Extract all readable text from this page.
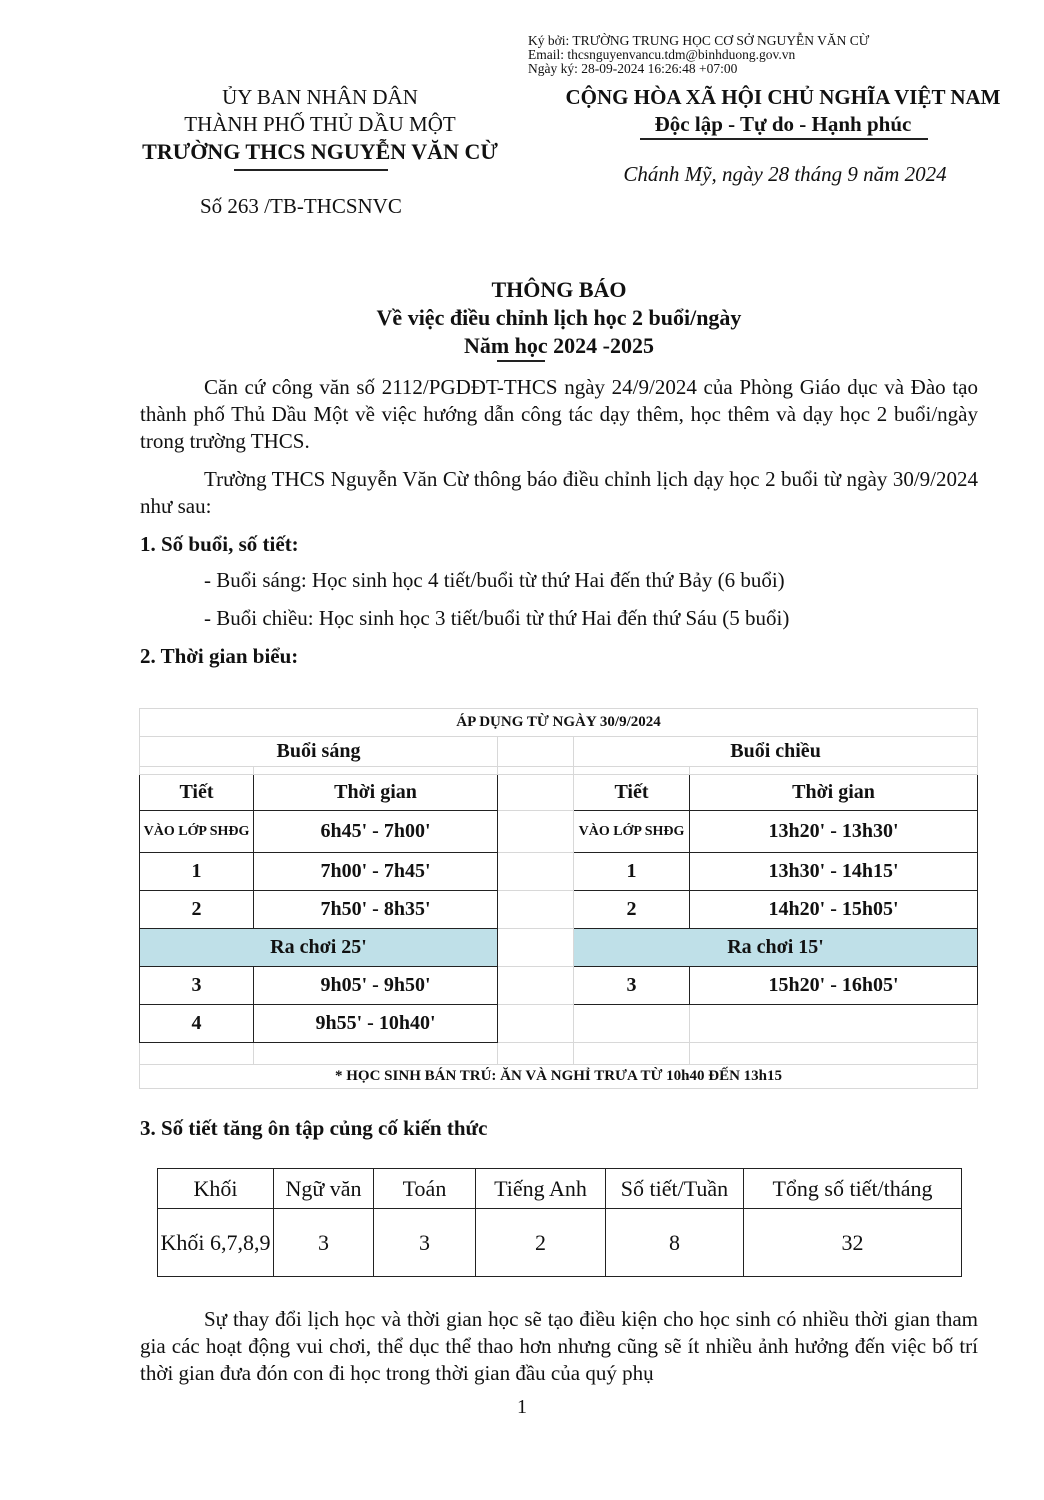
Ký bởi: TRƯỜNG TRUNG HỌC CƠ SỞ NGUYỄN VĂN CỪ
Email: thcsnguyenvancu.tdm@binhduong.gov.vn
Ngày ký: 28-09-2024 16:26:48 +07:00
ỦY BAN NHÂN DÂN
THÀNH PHỐ THỦ DẦU MỘT
TRƯỜNG THCS NGUYỄN VĂN CỪ
CỘNG HÒA XÃ HỘI CHỦ NGHĨA VIỆT NAM
Độc lập - Tự do - Hạnh phúc
Chánh Mỹ, ngày 28 tháng 9 năm 2024
Số 263 /TB-THCSNVC
THÔNG BÁO
Về việc điều chỉnh lịch học 2 buổi/ngày
Năm học 2024 -2025
Căn cứ công văn số 2112/PGDĐT-THCS ngày 24/9/2024 của Phòng Giáo dục và Đào tạo thành phố Thủ Dầu Một về việc hướng dẫn công tác dạy thêm, học thêm và dạy học 2 buổi/ngày trong trường THCS.
Trường THCS Nguyễn Văn Cừ thông báo điều chỉnh lịch dạy học 2 buổi từ ngày 30/9/2024 như sau:
1. Số buổi, số tiết:
- Buổi sáng: Học sinh học 4 tiết/buổi từ thứ Hai đến thứ Bảy (6 buổi)
- Buổi chiều: Học sinh học 3 tiết/buổi từ thứ Hai đến thứ Sáu (5 buổi)
2. Thời gian biểu:
ÁP DỤNG TỪ NGÀY 30/9/2024				
Buổi sáng			Buổi chiều	

Tiết	Thời gian		Tiết	Thời gian
VÀO LỚP SHĐG	6h45' - 7h00'		VÀO LỚP SHĐG	13h20' - 13h30'
1	7h00' - 7h45'		1	13h30' - 14h15'
2	7h50' - 8h35'		2	14h20' - 15h05'
Ra chơi 25'			Ra chơi 15'	
3	9h05' - 9h50'		3	15h20' - 16h05'
4	9h55' - 10h40'			

* HỌC SINH BÁN TRÚ: ĂN VÀ NGHỈ TRƯA TỪ 10h40 ĐẾN 13h15				
3. Số tiết tăng ôn tập củng cố kiến thức
Khối	Ngữ văn	Toán	Tiếng Anh	Số tiết/Tuần	Tổng số tiết/tháng
Khối 6,7,8,9	3	3	2	8	32
Sự thay đổi lịch học và thời gian học sẽ tạo điều kiện cho học sinh có nhiều thời gian tham gia các hoạt động vui chơi, thể dục thể thao hơn nhưng cũng sẽ ít nhiều ảnh hưởng đến việc bố trí thời gian đưa đón con đi học trong thời gian đầu của quý phụ
1
